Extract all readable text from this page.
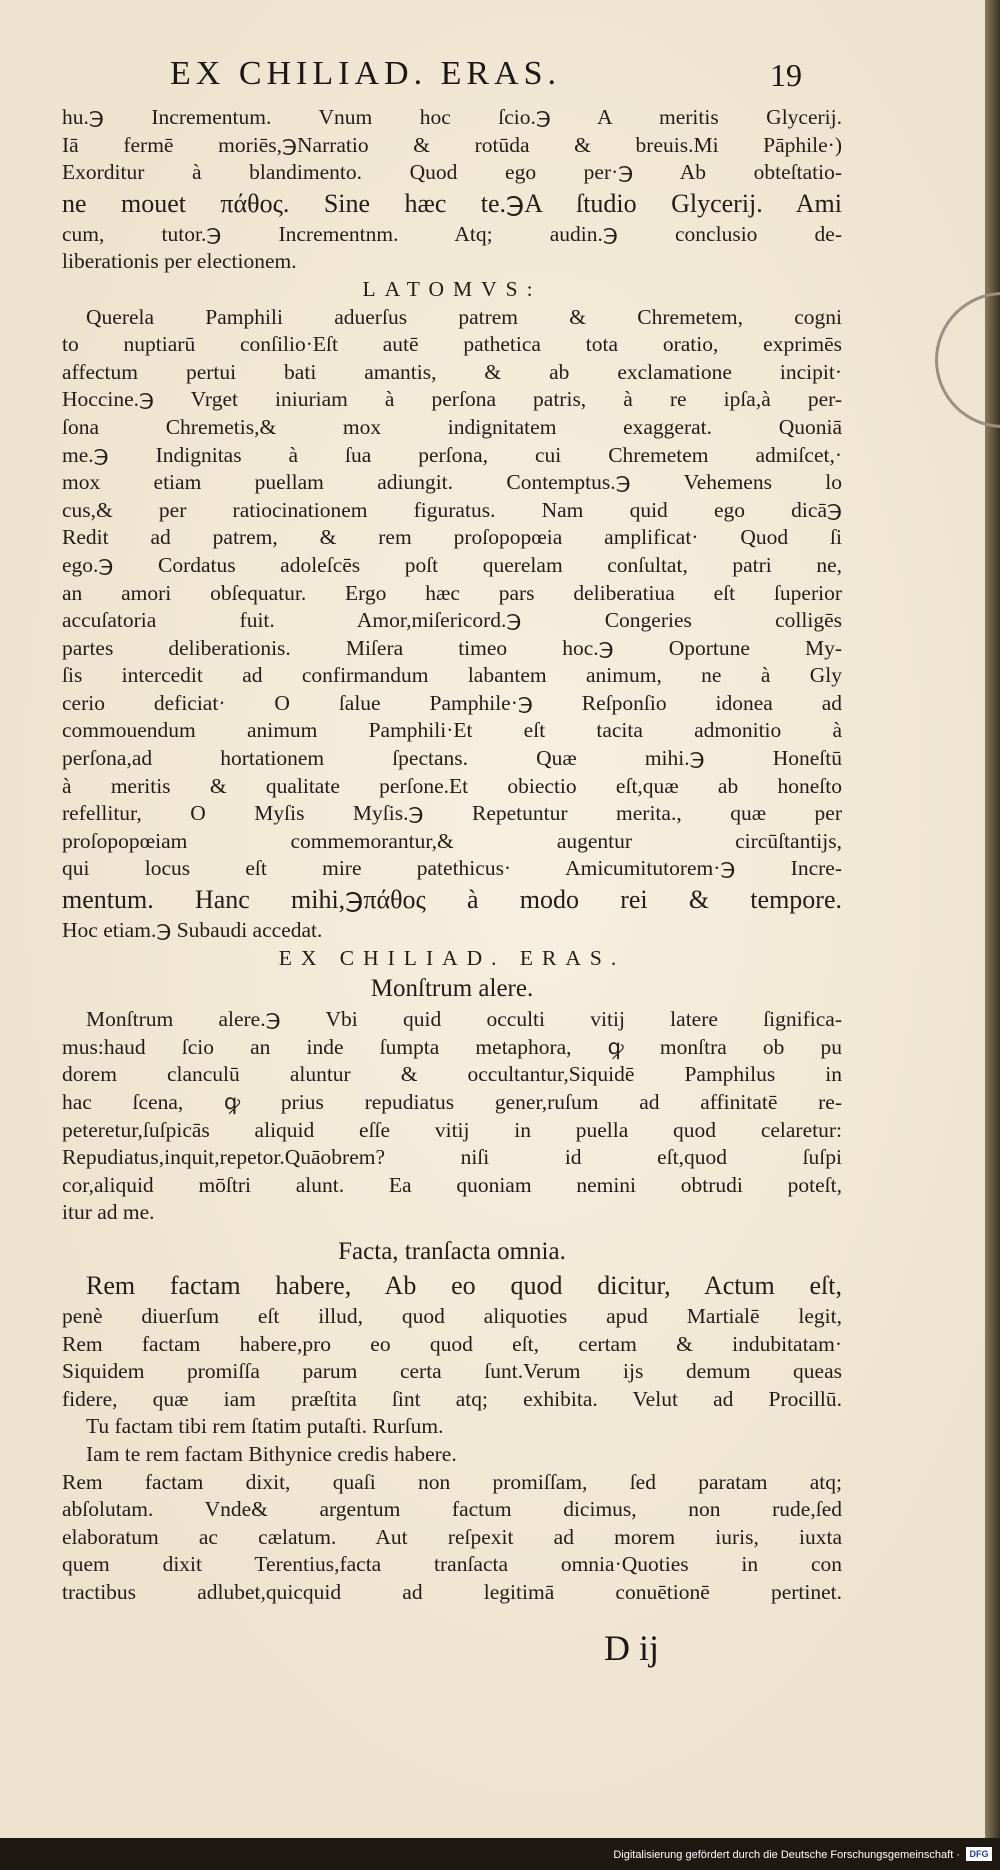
EX CHILIAD. ERAS.	19
hu.℈ Incrementum. Vnum hoc ſcio.℈ A meritis Glycerij.
Iā fermē moriēs,℈Narratio & rotūda & breuis.Mi Pāphile·)
Exorditur à blandimento. Quod ego per·℈ Ab obteſtatio-
ne mouet πάθος. Sine hæc te.℈A ſtudio Glycerij. Ami
cum, tutor.℈ Incrementnm. Atq; audin.℈ conclusio de-
liberationis per electionem.
LATOMVS:
Querela Pamphili aduerſus patrem & Chremetem, cogni
to nuptiarū conſilio·Eſt autē pathetica tota oratio, exprimēs
affectum pertui bati amantis, & ab exclamatione incipit·
Hoccine.℈ Vrget iniuriam à perſona patris, à re ipſa,à per-
ſona Chremetis,& mox indignitatem exaggerat. Quoniā
me.℈ Indignitas à ſua perſona, cui Chremetem admiſcet,·
mox etiam puellam adiungit. Contemptus.℈ Vehemens lo
cus,& per ratiocinationem figuratus. Nam quid ego dicā℈
Redit ad patrem, & rem proſopopœia amplificat· Quod ſi
ego.℈ Cordatus adoleſcēs poſt querelam conſultat, patri ne,
an amori obſequatur. Ergo hæc pars deliberatiua eſt ſuperior
accuſatoria fuit. Amor,miſericord.℈ Congeries colligēs
partes deliberationis. Miſera timeo hoc.℈ Oportune My-
ſis intercedit ad confirmandum labantem animum, ne à Gly
cerio deficiat· O ſalue Pamphile·℈ Reſponſio idonea ad
commouendum animum Pamphili·Et eſt tacita admonitio à
perſona,ad hortationem ſpectans. Quæ mihi.℈ Honeſtū
à meritis & qualitate perſone.Et obiectio eſt,quæ ab honeſto
refellitur, O Myſis Myſis.℈ Repetuntur merita., quæ per
proſopopœiam commemorantur,& augentur circūſtantijs,
qui locus eſt mire patethicus· Amicumitutorem·℈ Incre-
mentum. Hanc mihi,℈πάθος à modo rei & tempore.
Hoc etiam.℈ Subaudi accedat.
EX CHILIAD. ERAS.
Monſtrum alere.
Monſtrum alere.℈ Vbi quid occulti vitij latere ſignifica-
mus:haud ſcio an inde ſumpta metaphora, ꝙ monſtra ob pu
dorem clanculū aluntur & occultantur,Siquidē Pamphilus in
hac ſcena, ꝙ prius repudiatus gener,ruſum ad affinitatē re-
peteretur,ſuſpicās aliquid eſſe vitij in puella quod celaretur:
Repudiatus,inquit,repetor.Quāobrem? niſi id eſt,quod ſuſpi
cor,aliquid mōſtri alunt. Ea quoniam nemini obtrudi poteſt,
itur ad me.
Facta, tranſacta omnia.
Rem factam habere, Ab eo quod dicitur, Actum eſt,
penè diuerſum eſt illud, quod aliquoties apud Martialē legit,
Rem factam habere,pro eo quod eſt, certam & indubitatam·
Siquidem promiſſa parum certa ſunt.Verum ijs demum queas
fidere, quæ iam præſtita ſint atq; exhibita. Velut ad Procillū.
Tu factam tibi rem ſtatim putaſti. Rurſum.
Iam te rem factam Bithynice credis habere.
Rem factam dixit, quaſi non promiſſam, ſed paratam atq;
abſolutam. Vnde& argentum factum dicimus, non rude,ſed
elaboratum ac cælatum. Aut reſpexit ad morem iuris, iuxta
quem dixit Terentius,facta tranſacta omnia·Quoties in con
tractibus adlubet,quicquid ad legitimā conuētionē pertinet.
D ij
Digitalisierung gefördert durch die Deutsche Forschungsgemeinschaft ·	DFG
